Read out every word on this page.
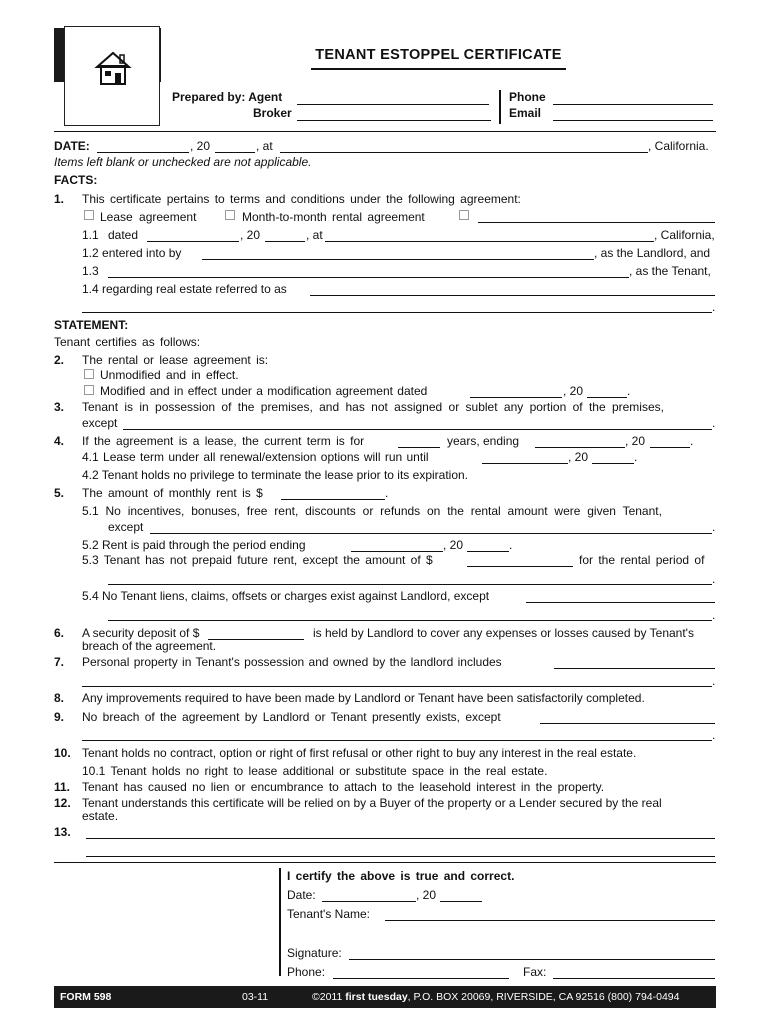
TENANT ESTOPPEL CERTIFICATE
Prepared by: Agent
Broker
Phone
Email
DATE:	, 20	, at	, California.
Items left blank or unchecked are not applicable.
FACTS:
1. This certificate pertains to terms and conditions under the following agreement:
Lease agreement	Month-to-month rental agreement
1.1 dated	, 20	, at	, California,
1.2 entered into by	, as the Landlord, and
1.3	, as the Tenant,
1.4 regarding real estate referred to as
.
STATEMENT:
Tenant certifies as follows:
2. The rental or lease agreement is:
Unmodified and in effect.
Modified and in effect under a modification agreement dated	, 20	.
3. Tenant is in possession of the premises, and has not assigned or sublet any portion of the premises,
except	.
4. If the agreement is a lease, the current term is for	years, ending	, 20	.
4.1 Lease term under all renewal/extension options will run until	, 20	.
4.2 Tenant holds no privilege to terminate the lease prior to its expiration.
5. The amount of monthly rent is $	.
5.1 No incentives, bonuses, free rent, discounts or refunds on the rental amount were given Tenant,
except	.
5.2 Rent is paid through the period ending	, 20	.
5.3 Tenant has not prepaid future rent, except the amount of $	for the rental period of
.
5.4 No Tenant liens, claims, offsets or charges exist against Landlord, except
.
6. A security deposit of $	is held by Landlord to cover any expenses or losses caused by Tenant's
breach of the agreement.
7. Personal property in Tenant's possession and owned by the landlord includes
.
8. Any improvements required to have been made by Landlord or Tenant have been satisfactorily completed.
9. No breach of the agreement by Landlord or Tenant presently exists, except
.
10. Tenant holds no contract, option or right of first refusal or other right to buy any interest in the real estate.
10.1 Tenant holds no right to lease additional or substitute space in the real estate.
11. Tenant has caused no lien or encumbrance to attach to the leasehold interest in the property.
12. Tenant understands this certificate will be relied on by a Buyer of the property or a Lender secured by the real
estate.
13.
I certify the above is true and correct.
Date:	, 20
Tenant's Name:
Signature:
Phone:	Fax:
FORM 598	03-11	©2011 first tuesday, P.O. BOX 20069, RIVERSIDE, CA 92516 (800) 794-0494
